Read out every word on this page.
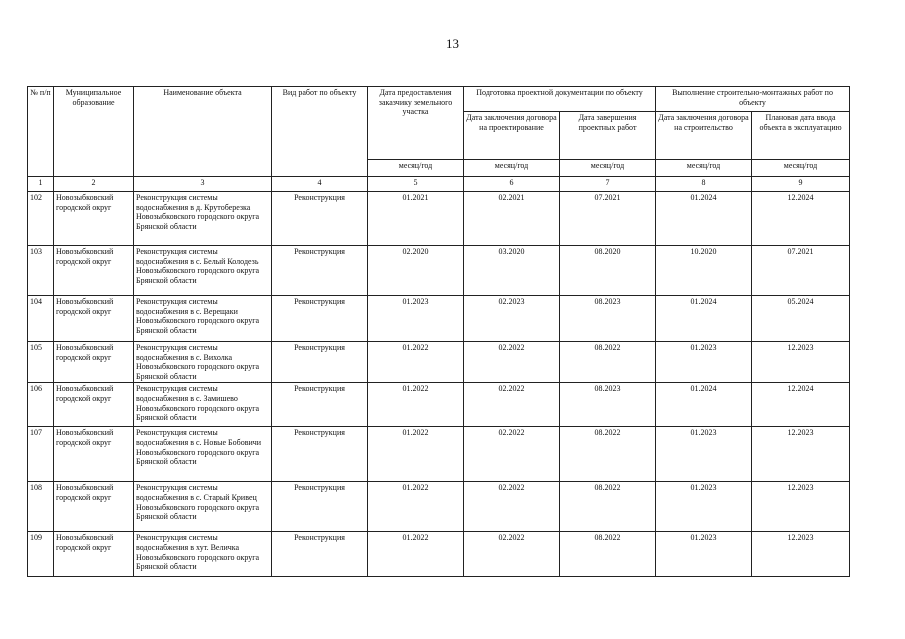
13
№ п/п	Муниципальное образование	Наименование объекта	Вид работ по объекту	Дата предоставления заказчику земельного участка	Подготовка проектной документации по объекту		Выполнение строительно-монтажных работ по объекту	
					Дата заключения договора на проектирование	Дата завершения проектных работ	Дата заключения договора на строительство	Плановая дата ввода объекта в эксплуатацию
				месяц/год	месяц/год	месяц/год	месяц/год	месяц/год
1	2	3	4	5	6	7	8	9
102	Новозыбковский городской округ	Реконструкция системы водоснабжения в д. Крутоберезка Новозыбковского городского округа Брянской области	Реконструкция	01.2021	02.2021	07.2021	01.2024	12.2024
103	Новозыбковский городской округ	Реконструкция системы водоснабжения в с. Белый Колодезь Новозыбковского городского округа Брянской области	Реконструкция	02.2020	03.2020	08.2020	10.2020	07.2021
104	Новозыбковский городской округ	Реконструкция системы водоснабжения в с. Верещаки Новозыбковского городского округа Брянской области	Реконструкция	01.2023	02.2023	08.2023	01.2024	05.2024
105	Новозыбковский городской округ	Реконструкция системы водоснабжения в с. Вихолка Новозыбковского городского округа Брянской области	Реконструкция	01.2022	02.2022	08.2022	01.2023	12.2023
106	Новозыбковский городской округ	Реконструкция системы водоснабжения в с. Замишево Новозыбковского городского округа Брянской области	Реконструкция	01.2022	02.2022	08.2023	01.2024	12.2024
107	Новозыбковский городской округ	Реконструкция системы водоснабжения в с. Новые Бобовичи Новозыбковского городского округа Брянской области	Реконструкция	01.2022	02.2022	08.2022	01.2023	12.2023
108	Новозыбковский городской округ	Реконструкция системы водоснабжения в с. Старый Кривец Новозыбковского городского округа Брянской области	Реконструкция	01.2022	02.2022	08.2022	01.2023	12.2023
109	Новозыбковский городской округ	Реконструкция системы водоснабжения в хут. Величка Новозыбковского городского округа Брянской области	Реконструкция	01.2022	02.2022	08.2022	01.2023	12.2023
